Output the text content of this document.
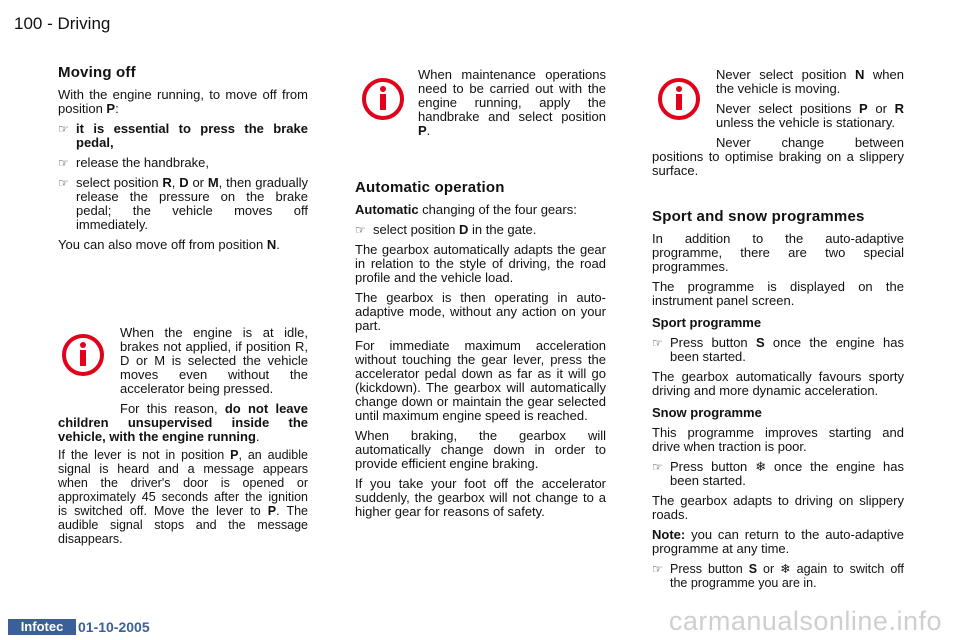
100 - Driving
Moving off

With the engine running, to move off from position P:

☞ it is essential to press the brake pedal,
☞ release the handbrake,
☞ select position R, D or M, then gradually release the pressure on the brake pedal; the vehicle moves off immediately.

You can also move off from position N.

When the engine is at idle, brakes not applied, if position R, D or M is selected the vehicle moves even without the accelerator being pressed.

For this reason, do not leave children unsupervised inside the vehicle, with the engine running.

If the lever is not in position P, an audible signal is heard and a message appears when the driver's door is opened or approximately 45 seconds after the ignition is switched off. Move the lever to P. The audible signal stops and the message disappears.

When maintenance operations need to be carried out with the engine running, apply the handbrake and select position P.

Automatic operation

Automatic changing of the four gears:

☞ select position D in the gate.

The gearbox automatically adapts the gear in relation to the style of driving, the road profile and the vehicle load.

The gearbox is then operating in auto-adaptive mode, without any action on your part.

For immediate maximum acceleration without touching the gear lever, press the accelerator pedal down as far as it will go (kickdown). The gearbox will automatically change down or maintain the gear selected until maximum engine speed is reached.

When braking, the gearbox will automatically change down in order to provide efficient engine braking.

If you take your foot off the accelerator suddenly, the gearbox will not change to a higher gear for reasons of safety.

Never select position N when the vehicle is moving.

Never select positions P or R unless the vehicle is stationary.

Never change between positions to optimise braking on a slippery surface.

Sport and snow programmes

In addition to the auto-adaptive programme, there are two special programmes.

The programme is displayed on the instrument panel screen.

Sport programme
☞ Press button S once the engine has been started.

The gearbox automatically favours sporty driving and more dynamic acceleration.

Snow programme

This programme improves starting and drive when traction is poor.

☞ Press button ❄ once the engine has been started.

The gearbox adapts to driving on slippery roads.

Note: you can return to the auto-adaptive programme at any time.

☞ Press button S or ❄ again to switch off the programme you are in.
Infotec	01-10-2005	carmanualsonline.info
